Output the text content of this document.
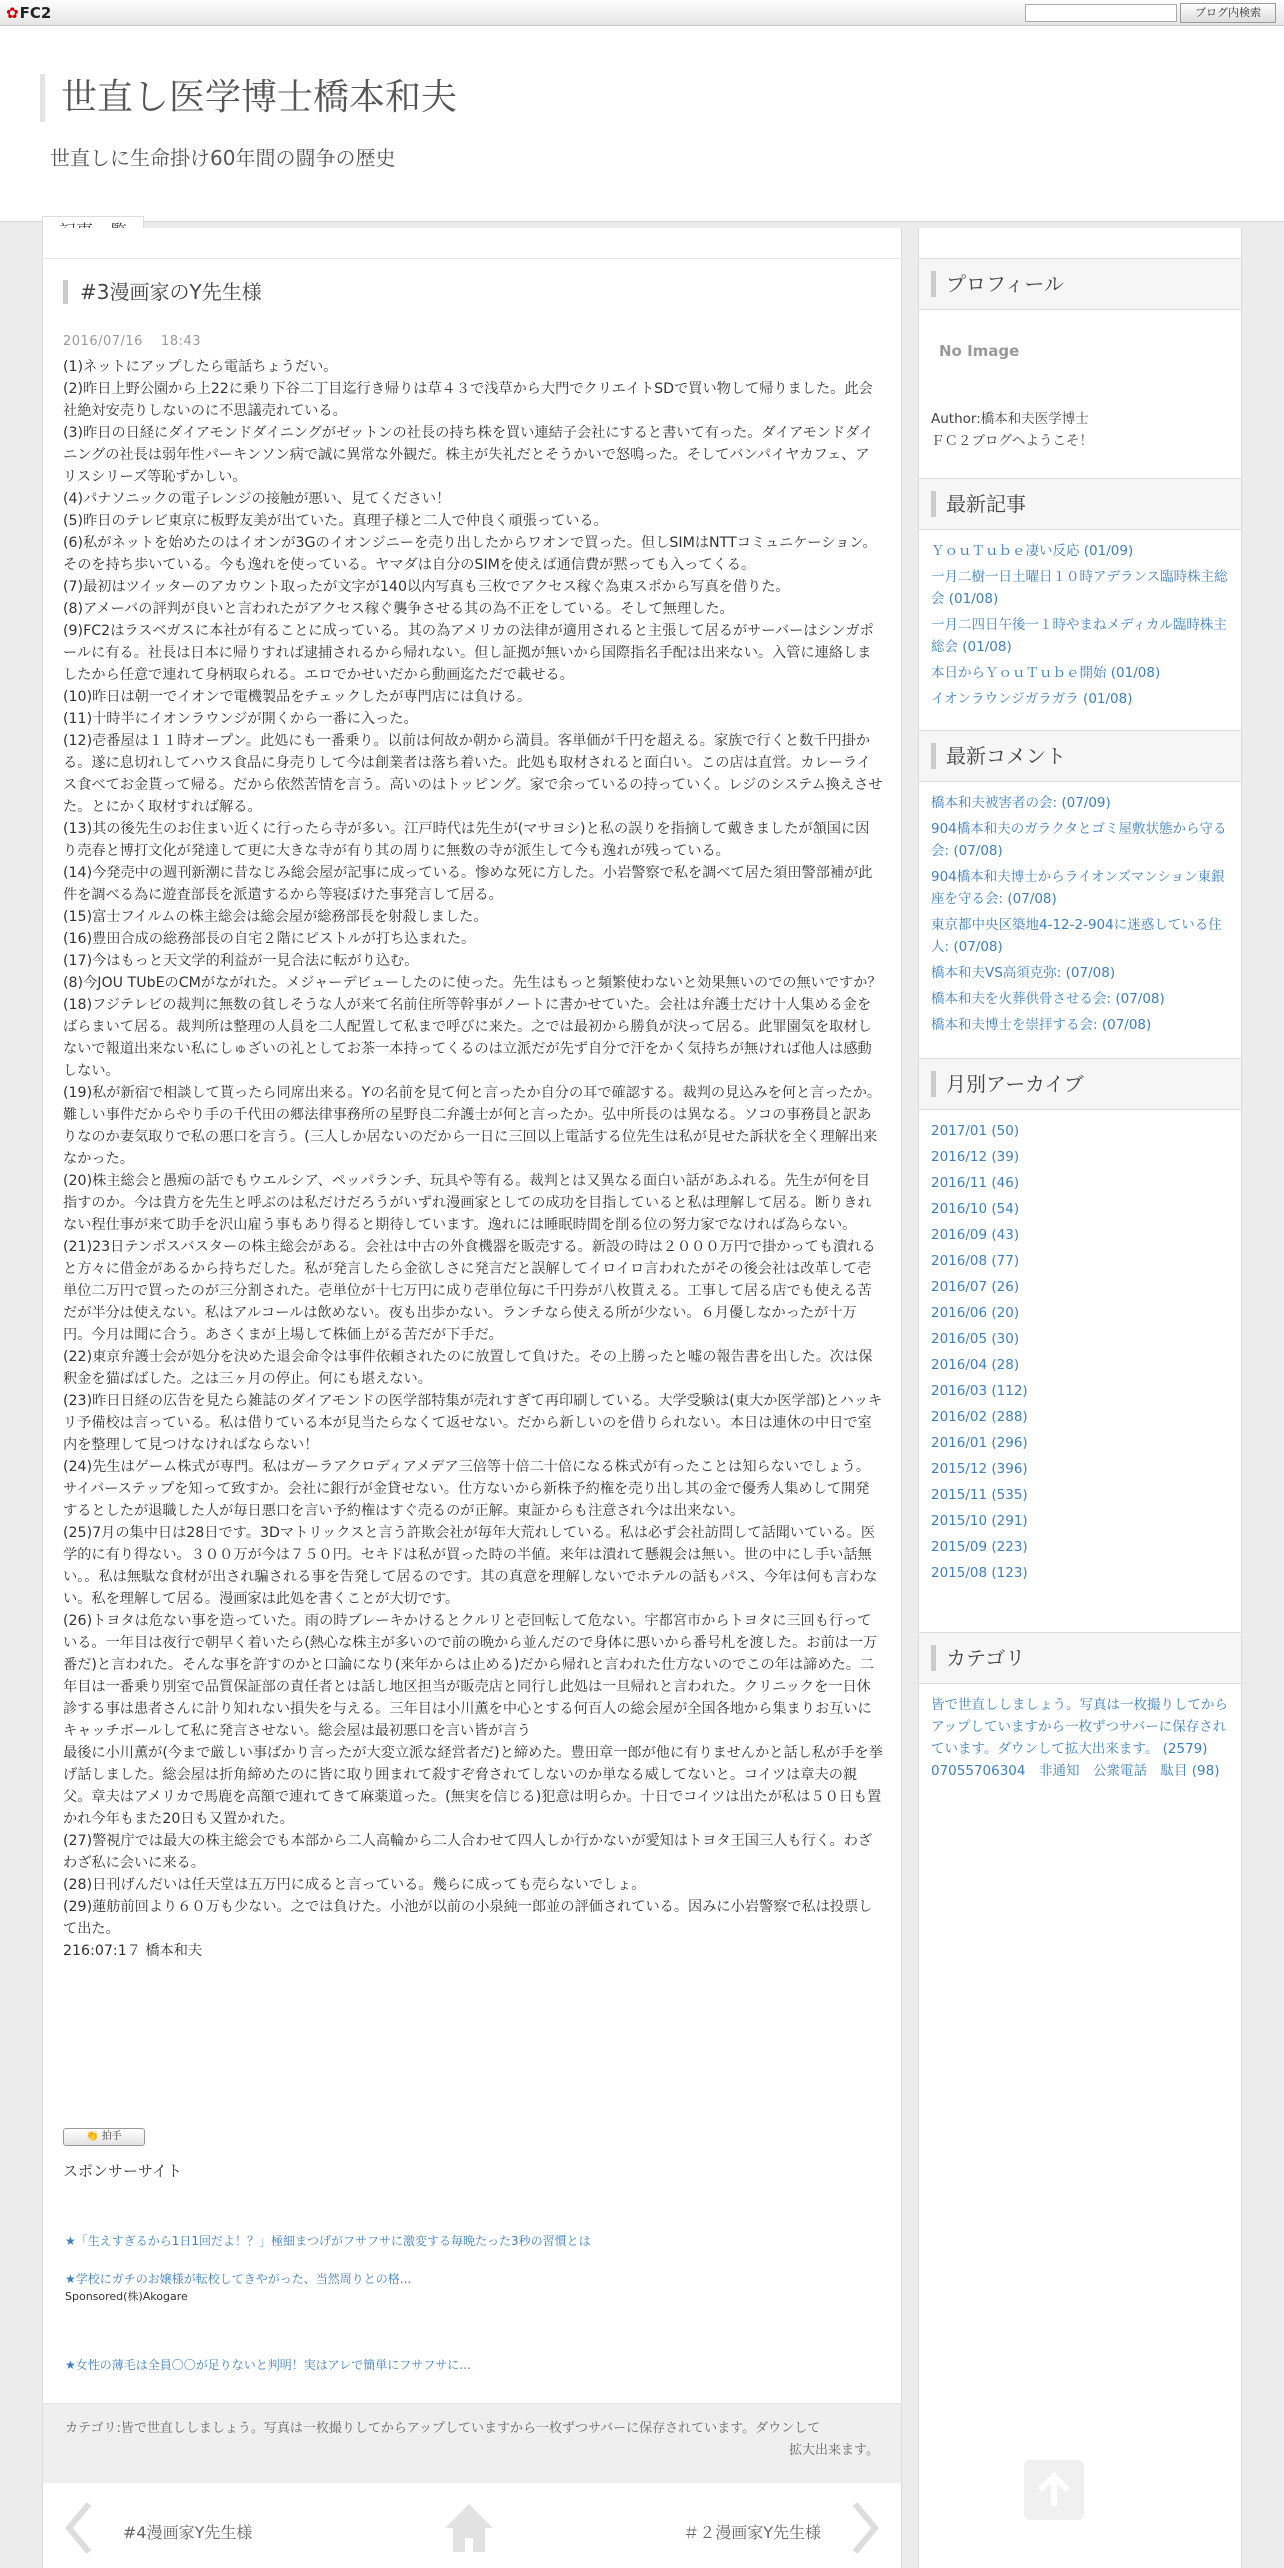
✿FC2	ブログ内検索
世直し医学博士橋本和夫
世直しに生命掛け60年間の闘争の歴史
#3漫画家のY先生様
2016/07/16　 18:43

(1)ネットにアップしたら電話ちょうだい。

(2)昨日上野公園から上22に乗り下谷二丁目迄行き帰りは草４３で浅草から大門でクリエイトSDで買い物して帰りました。此会社絶対安売りしないのに不思議売れている。

(3)昨日の日経にダイアモンドダイニングがゼットンの社長の持ち株を買い連結子会社にすると書いて有った。ダイアモンドダイニングの社長は弱年性パーキンソン病で誠に異常な外観だ。株主が失礼だとそうかいで怒鳴った。そしてバンパイヤカフェ、アリスシリーズ等恥ずかしい。

(4)パナソニックの電子レンジの接触が悪い、見てください！

(5)昨日のテレビ東京に板野友美が出ていた。真理子様と二人で仲良く頑張っている。

(6)私がネットを始めたのはイオンが3Gのイオンジニーを売り出したからワオンで買った。但しSIMはNTTコミュニケーション。そのを持ち歩いている。今も逸れを使っている。ヤマダは自分のSIMを使えば通信費が黙っても入ってくる。

(7)最初はツイッターのアカウント取ったが文字が140以内写真も三枚でアクセス稼ぐ為東スポから写真を借りた。

(8)アメーバの評判が良いと言われたがアクセス稼ぐ襲争させる其の為不正をしている。そして無理した。

(9)FC2はラスベガスに本社が有ることに成っている。其の為アメリカの法律が適用されると主張して居るがサーバーはシンガポールに有る。社長は日本に帰りすれば逮捕されるから帰れない。但し証拠が無いから国際指名手配は出来ない。入管に連絡しましたから任意で連れて身柄取られる。エロでかせいだから動画迄ただで載せる。

(10)昨日は朝一でイオンで電機製品をチェックしたが専門店には負ける。

(11)十時半にイオンラウンジが開くから一番に入った。

(12)壱番屋は１１時オープン。此処にも一番乗り。以前は何故か朝から満員。客単価が千円を超える。家族で行くと数千円掛かる。遂に息切れしてハウス食品に身売りして今は創業者は落ち着いた。此処も取材されると面白い。この店は直営。カレーライス食べてお金貰って帰る。だから依然苦情を言う。高いのはトッピング。家で余っているの持っていく。レジのシステム換えさせた。とにかく取材すれば解る。

(13)其の後先生のお住まい近くに行ったら寺が多い。江戸時代は先生が(マサヨシ)と私の誤りを指摘して戴きましたが頷国に因り売春と博打文化が発達して更に大きな寺が有り其の周りに無数の寺が派生して今も逸れが残っている。

(14)今発売中の週刊新潮に昔なじみ総会屋が記事に成っている。惨めな死に方した。小岩警察で私を調べて居た須田警部補が此件を調べる為に遊査部長を派遣するから等寝ぼけた事発言して居る。

(15)富士フイルムの株主総会は総会屋が総務部長を射殺しました。

(16)豊田合成の総務部長の自宅２階にピストルが打ち込まれた。

(17)今はもっと天文学的利益が一見合法に転がり込む。

(8)今JOU TUbEのCMがながれた。メジャーデビューしたのに使った。先生はもっと頻繁使わないと効果無いのでの無いですか？

(18)フジテレビの裁判に無数の貧しそうな人が来て名前住所等幹事がノートに書かせていた。会社は弁護士だけ十人集める金をばらまいて居る。裁判所は整理の人員を二人配置して私まで呼びに来た。之では最初から勝負が決って居る。此罪園気を取材しないで報道出来ない私にしゅざいの礼としてお茶一本持ってくるのは立派だが先ず自分で汗をかく気持ちが無ければ他人は感動しない。

(19)私が新宿で相談して貰ったら同席出来る。Yの名前を見て何と言ったか自分の耳で確認する。裁判の見込みを何と言ったか。難しい事件だからやり手の千代田の郷法律事務所の星野良二弁護士が何と言ったか。弘中所長のは異なる。ソコの事務員と訳ありなのか妻気取りで私の悪口を言う。(三人しか居ないのだから一日に三回以上電話する位先生は私が見せた訴状を全く理解出来なかった。

(20)株主総会と愚痴の話でもウエルシア、ペッパランチ、玩具や等有る。裁判とは又異なる面白い話があふれる。先生が何を目指すのか。今は貴方を先生と呼ぶのは私だけだろうがいずれ漫画家としての成功を目指していると私は理解して居る。断りきれない程仕事が来て助手を沢山雇う事もあり得ると期待しています。逸れには睡眠時間を削る位の努力家でなければ為らない。

(21)23日テンポスバスターの株主総会がある。会社は中古の外食機器を販売する。新設の時は２０００万円で掛かっても潰れると方々に借金があるから持ちだした。私が発言したら金欲しさに発言だと誤解してイロイロ言われたがその後会社は改革して壱単位二万円で買ったのが三分割された。壱単位が十七万円に成り壱単位毎に千円券が八枚貰える。工事して居る店でも使える苦だが半分は使えない。私はアルコールは飲めない。夜も出歩かない。ランチなら使える所が少ない。６月優しなかったが十万円。今月は聞に合う。あさくまが上場して株価上がる苦だが下手だ。

(22)東京弁護士会が処分を決めた退会命令は事件依頼されたのに放置して負けた。その上勝ったと嘘の報告書を出した。次は保釈金を猫ばばした。之は三ヶ月の停止。何にも堪えない。

(23)昨日日経の広告を見たら雑誌のダイアモンドの医学部特集が売れすぎて再印刷している。大学受験は(東大か医学部)とハッキリ予備校は言っている。私は借りている本が見当たらなくて返せない。だから新しいのを借りられない。本日は連休の中日で室内を整理して見つけなければならない！

(24)先生はゲーム株式が専門。私はガーラアクロディアメデア三倍等十倍二十倍になる株式が有ったことは知らないでしょう。サイバーステップを知って致すか。会社に銀行が金貸せない。仕方ないから新株予約権を売り出し其の金で優秀人集めして開発するとしたが退職した人が毎日悪口を言い予約権はすぐ売るのが正解。東証からも注意され今は出来ない。

(25)7月の集中日は28日です。3Dマトリックスと言う許欺会社が毎年大荒れしている。私は必ず会社訪問して話聞いている。医学的に有り得ない。３００万が今は７５０円。セキドは私が買った時の半値。来年は潰れて懸親会は無い。世の中にし手い話無い。。私は無駄な食材が出され騙される事を告発して居るのです。其の真意を理解しないでホテルの話もパス、今年は何も言わない。私を理解して居る。漫画家は此処を書くことが大切です。

(26)トヨタは危ない事を造っていた。雨の時ブレーキかけるとクルリと壱回転して危ない。宇都宮市からトヨタに三回も行っている。一年目は夜行で朝早く着いたら(熱心な株主が多いので前の晩から並んだので身体に悪いから番号札を渡した。お前は一万番だ)と言われた。そんな事を許すのかと口論になり(来年からは止める)だから帰れと言われた仕方ないのでこの年は諦めた。二年目は一番乗り別室で品質保証部の責任者とは話し地区担当が販売店と同行し此処は一旦帰れと言われた。クリニックを一日休診する事は患者さんに計り知れない損失を与える。三年目は小川薫を中心とする何百人の総会屋が全国各地から集まりお互いにキャッチボールして私に発言させない。総会屋は最初悪口を言い皆が言う

最後に小川薫が(今まで厳しい事ばかり言ったが大変立派な経営者だ)と締めた。豊田章一郎が他に有りませんかと話し私が手を挙げ話しました。総会屋は折角締めたのに皆に取り囲まれて殺すぞ脅されてしないのか単なる威してないと。コイツは章夫の親父。章夫はアメリカで馬鹿を高額で連れてきて麻薬道った。(無実を信じる)犯意は明らか。十日でコイツは出たが私は５０日も置かれ今年もまた20日も又置かれた。

(27)警視庁では最大の株主総会でも本部から二人高輪から二人合わせて四人しか行かないが愛知はトヨタ王国三人も行く。わざわざ私に会いに来る。

(28)日刊げんだいは任天堂は五万円に成ると言っている。幾らに成っても売らないでしょ。

(29)蓮舫前回より６０万も少ない。之では負けた。小池が以前の小泉純一郎並の評価されている。因みに小岩警察で私は投票して出た。

216:07:1７ 橋本和夫

👏 拍手
スポンサーサイト
★「生えすぎるから1日1回だよ！？」極細まつげがフサフサに激変する毎晩たった3秒の習慣とは
★学校にガチのお嬢様が転校してきやがった、当然周りとの格...
Sponsored(株)Akogare
★女性の薄毛は全員〇〇が足りないと判明！実はアレで簡単にフサフサに...
カテゴリ:皆で世直ししましょう。写真は一枚撮りしてからアップしていますから一枚ずつサバーに保存されています。ダウンして

拡大出来ます。
#4漫画家Y先生様	＃２漫画家Y先生様
プロフィール
No Image
Author:橋本和夫医学博士
ＦＣ２ブログへようこそ！
最新記事
ＹｏｕＴｕｂｅ凄い反応 (01/09)
一月二樹一日土曜日１０時アデランス臨時株主総会 (01/08)
一月二四日午後一１時やまねメディカル臨時株主総会 (01/08)
本日からＹｏｕＴｕｂｅ開始 (01/08)
イオンラウンジガラガラ (01/08)
最新コメント
橋本和夫被害者の会: (07/09)
904橋本和夫のガラクタとゴミ屋敷状態から守る会: (07/08)
904橋本和夫博士からライオンズマンション東銀座を守る会: (07/08)
東京都中央区築地4-12-2-904に迷惑している住人: (07/08)
橋本和夫VS高須克弥: (07/08)
橋本和夫を火葬供骨させる会: (07/08)
橋本和夫博士を崇拝する会: (07/08)
月別アーカイブ
2017/01 (50)
2016/12 (39)
2016/11 (46)
2016/10 (54)
2016/09 (43)
2016/08 (77)
2016/07 (26)
2016/06 (20)
2016/05 (30)
2016/04 (28)
2016/03 (112)
2016/02 (288)
2016/01 (296)
2015/12 (396)
2015/11 (535)
2015/10 (291)
2015/09 (223)
2015/08 (123)
カテゴリ
皆で世直ししましょう。写真は一枚撮りしてからアップしていますから一枚ずつサバーに保存されています。ダウンして拡大出来ます。 (2579)
07055706304　非通知　公衆電話　駄目 (98)
